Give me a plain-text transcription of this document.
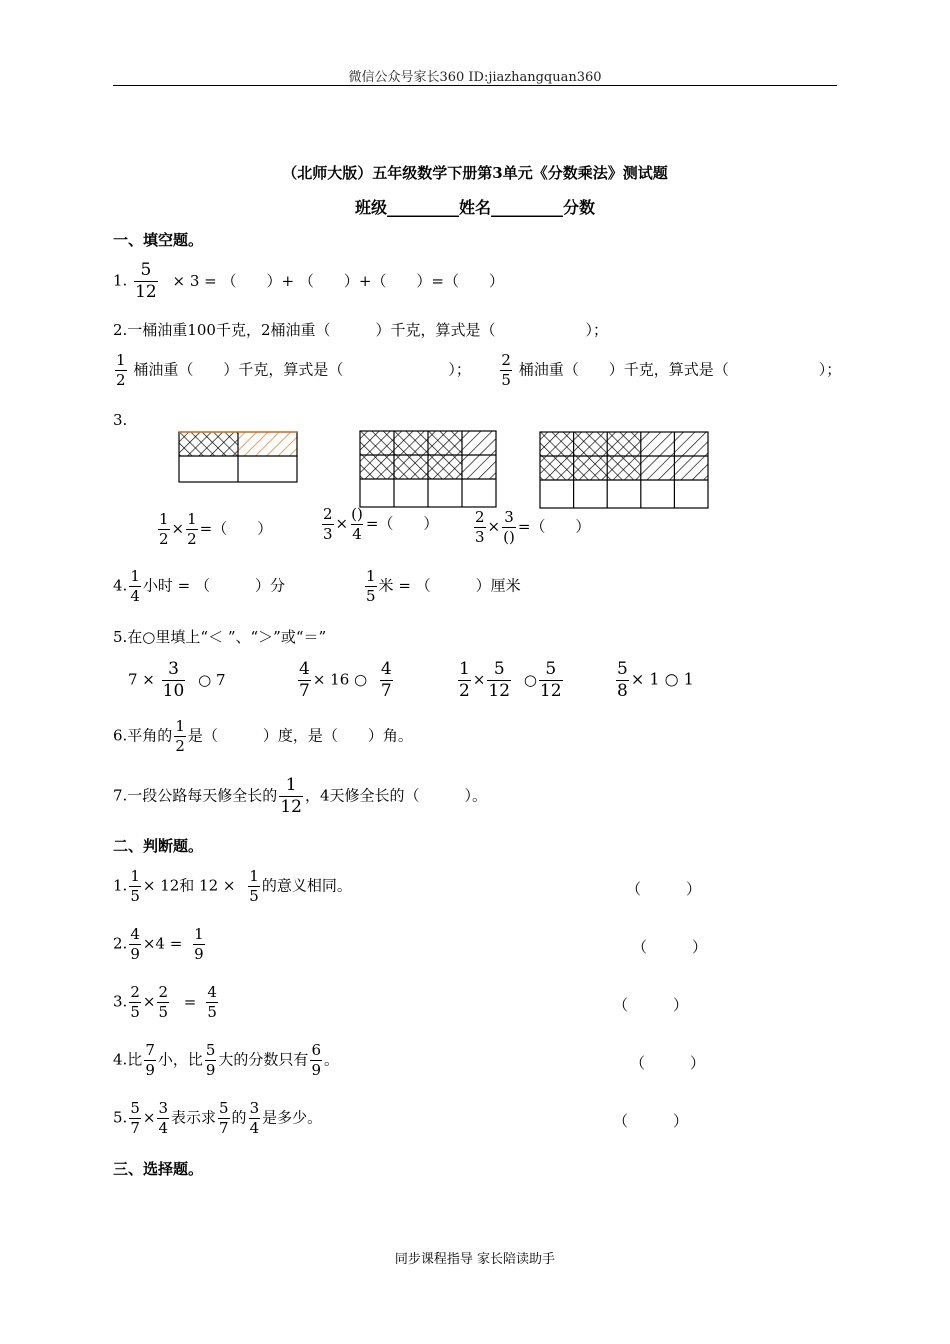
微信公众号家长360 ID:jiazhangquan360
（北师大版）五年级数学下册第3单元《分数乘法》测试题
班级_________姓名_________分数
一、填空题。
1. $\frac{5}{12} \times 3$ = （　　）+ （　　）+（　　）=（　　）
2.一桶油重100千克，2桶油重（　　　）千克，算式是（　　　　　　）；
$\frac{1}{2}$ 桶油重（　　）千克，算式是（　　　　　　　）； $\frac{2}{5}$ 桶油重（　　）千克，算式是（　　　　　　）；
3.
$\frac{1}{2} \times \frac{1}{2}$ =（　　）	$\frac{2}{3}$ ×
()
4
=（　　） $\frac{2}{3}$ ×
3
()
=（　　）
4. $\frac{1}{4}$ 小时 = （　　　）分	$\frac{1}{5}$ 米 = （　　　）厘米
5.在○里填上“＜ ”、“＞”或“＝”
$7 \times \frac{3}{10}$ ○ 7	$\frac{4}{7} \times 16$ ○ $\frac{4}{7}$	$\frac{1}{2} \times \frac{5}{12}$ ○ $\frac{5}{12}$	$\frac{5}{8} \times 1$ ○ 1
6.平角的 $\frac{1}{2}$ 是（　　　）度，是（　　）角。
7.一段公路每天修全长的 $\frac{1}{12}$ ，4天修全长的（　　　）。
二、判断题。
1. $\frac{1}{5} \times 12$和 $12 \times \frac{1}{5}$ 的意义相同。	（　　　）
2. $\frac{4}{9} \times 4 = \frac{1}{9}$	（　　　）
3. $\frac{2}{5} \times \frac{2}{5} = \frac{4}{5}$	（　　　）
4.比 $\frac{7}{9}$ 小，比 $\frac{5}{9}$ 大的分数只有 $\frac{6}{9}$ 。	（　　　）
5. $\frac{5}{7} \times \frac{3}{4}$ 表示求 $\frac{5}{7}$ 的 $\frac{3}{4}$ 是多少。	（　　　）
三、选择题。
同步课程指导 家长陪读助手
